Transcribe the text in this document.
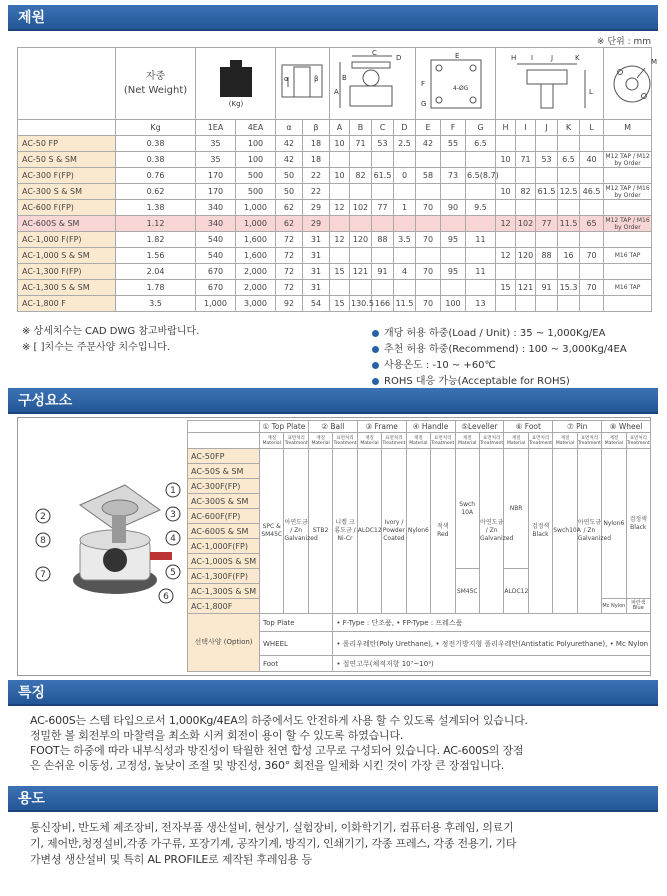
제원
※ 단위 : mm

	자중
(Net Weight)	(Kg)		α β		C
D
A
B				E
F
4-ØG
G			H I J K
L					M

	Kg	1EA	4EA	α	β	A	B	C	D	E	F	G	H	I	J	K	L	M
AC-50 FP	0.38	35	100	42	18	10	71	53	2.5	42	55	6.5						
AC-50 S & SM	0.38	35	100	42	18								10	71	53	6.5	40	M12 TAP / M12 by Order
AC-300 F(FP)	0.76	170	500	50	22	10	82	61.5	0	58	73	6.5(8.7)						
AC-300 S & SM	0.62	170	500	50	22								10	82	61.5	12.5	46.5	M12 TAP / M16 by Order
AC-600 F(FP)	1.38	340	1,000	62	29	12	102	77	1	70	90	9.5						
AC-600S & SM	1.12	340	1,000	62	29								12	102	77	11.5	65	M12 TAP / M16 by Order
AC-1,000 F(FP)	1.82	540	1,600	72	31	12	120	88	3.5	70	95	11						
AC-1,000 S & SM	1.56	540	1,600	72	31								12	120	88	16	70	M16 TAP
AC-1,300 F(FP)	2.04	670	2,000	72	31	15	121	91	4	70	95	11						
AC-1,300 S & SM	1.78	670	2,000	72	31								15	121	91	15.3	70	M16 TAP
AC-1,800 F	3.5	1,000	3,000	92	54	15	130.5	166	11.5	70	100	13						
※ 상세치수는 CAD DWG 참고바랍니다.
※ [ ]치수는 주문사양 치수입니다.
개당 허용 하중(Load / Unit) : 35 ~ 1,000Kg/EA
추천 허용 하중(Recommend) : 100 ~ 3,000Kg/4EA
사용온도 : -10 ~ +60℃
ROHS 대응 가능(Acceptable for ROHS)
구성요소
1
2	3
4
5
6
7
8
	① Top Plate		② Ball		③ Frame		④ Handle		⑤Leveller		⑥ Foot		⑦ Pin		⑧ Wheel	
	재질 Material	표면처리 Treatment	재질 Material	표면처리 Treatment	재질 Material	표면처리 Treatment	재질 Material	표면처리 Treatment	재질 Material	표면처리 Treatment	재질 Material	표면처리 Treatment	재질 Material	표면처리 Treatment	재질 Material	표면처리 Treatment
AC-50FP	SPC & SM45C	아연도금 / Zn Galvanized	STB2	니켈 크롬도금 / Ni-Cr	ALDC12	Ivory / Powder Coated	Nylon6	적색 Red	Swch 10A	아연도금 / Zn Galvanized	NBR	검정색 Black	Swch10A	아연도금 / Zn Galvanized	Nylon6	검정색 Black
AC-50S & SM																
AC-300F(FP)																
AC-300S & SM																
AC-600F(FP)																
AC-600S & SM																
AC-1,000F(FP)																
AC-1,000S & SM																
AC-1,300F(FP)									SM45C		ALDC12					
AC-1,300S & SM																
AC-1,800F															Mc Nylon	파란색 Blue
선택사양 (Option)	Top Plate			• F-Type : 단조품, • FP-Type : 프레스품												
	WHEEL			• 폴리우레탄(Poly Urethane), • 정전기방지형 폴리우레탄(Antistatic Polyurethane), • Mc Nylon												
	Foot			• 절연고무(체적저항 10⁷~10⁹)												
특징
AC-600S는 스템 타입으로서 1,000Kg/4EA의 하중에서도 안전하게 사용 할 수 있도록 설계되어 있습니다.
정밀한 볼 회전부의 마찰력을 최소화 시켜 회전이 용이 할 수 있도록 하였습니다.
FOOT는 하중에 따라 내부식성과 방진성이 탁월한 천연 합성 고무로 구성되어 있습니다. AC-600S의 장점
은 손쉬운 이동성, 고정성, 높낮이 조절 및 방진성, 360° 회전을 일체화 시킨 것이 가장 큰 장점입니다.
용도
통신장비, 반도체 제조장비, 전자부품 생산설비, 현상기, 실험장비, 이화학기기, 컴퓨터용 후레임, 의료기
기, 제어반,청정설비,각종 가구류, 포장기계, 공작기계, 방직기, 인쇄기기, 각종 프레스, 각종 전용기, 기타
가변셩 생산설비 및 특히 AL PROFILE로 제작된 후레임용 등
